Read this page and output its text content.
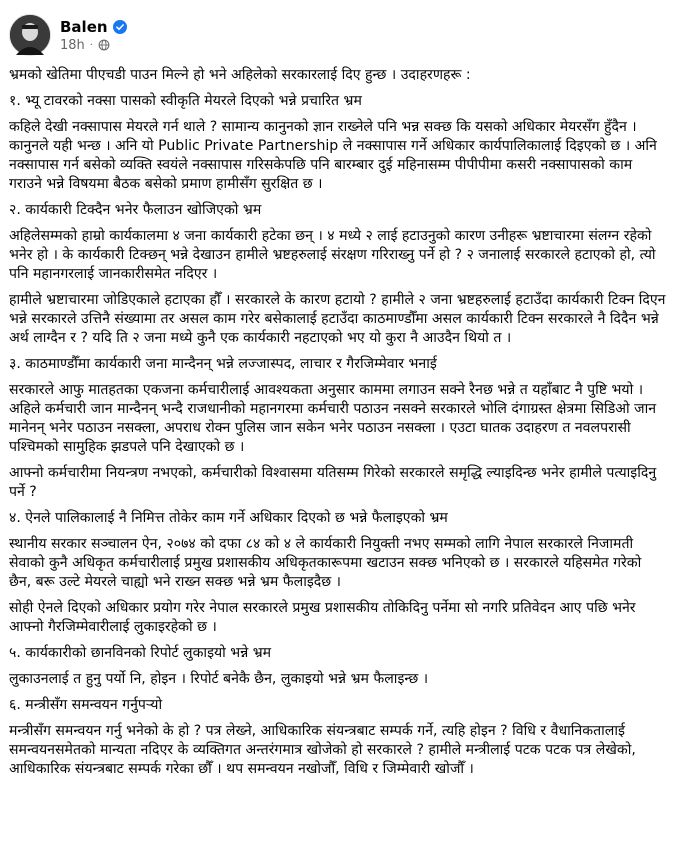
Balen
18h ·

भ्रमको खेतिमा पीएचडी पाउन मिल्ने हो भने अहिलेको सरकारलाई दिए हुन्छ । उदाहरणहरू :

१. भ्यू टावरको नक्सा पासको स्वीकृति मेयरले दिएको भन्ने प्रचारित भ्रम

कहिले देखी नक्सापास मेयरले गर्न थाले ? सामान्य कानुनको ज्ञान राख्नेले पनि भन्न सक्छ कि यसको अधिकार मेयरसँग हुँदैन । कानुनले यही भन्छ । अनि यो Public Private Partnership ले नक्सापास गर्ने अधिकार कार्यपालिकालाई दिइएको छ । अनि नक्सापास गर्न बसेको व्यक्ति स्वयंले नक्सापास गरिसकेपछि पनि बारम्बार दुई महिनासम्म पीपीपीमा कसरी नक्सापासको काम गराउने भन्ने विषयमा बैठक बसेको प्रमाण हामीसँग सुरक्षित छ ।

२. कार्यकारी टिक्दैन भनेर फैलाउन खोजिएको भ्रम

अहिलेसम्मको हाम्रो कार्यकालमा ४ जना कार्यकारी हटेका छन् । ४ मध्ये २ लाई हटाउनुको कारण उनीहरू भ्रष्टाचारमा संलग्न रहेको भनेर हो । के कार्यकारी टिक्छन् भन्ने देखाउन हामीले भ्रष्टहरुलाई संरक्षण गरिराख्नु पर्ने हो ? २ जनालाई सरकारले हटाएको हो, त्यो पनि महानगरलाई जानकारीसमेत नदिएर ।

हामीले भ्रष्टाचारमा जोडिएकाले हटाएका हौँ । सरकारले के कारण हटायो ? हामीले २ जना भ्रष्टहरुलाई हटाउँदा कार्यकारी टिक्न दिएन भन्ने सरकारले उत्तिनै संख्यामा तर असल काम गरेर बसेकालाई हटाउँदा काठमाण्डौँमा असल कार्यकारी टिक्न सरकारले नै दिदैन भन्ने अर्थ लाग्दैन र ? यदि ति २ जना मध्ये कुनै एक कार्यकारी नहटाएको भए यो कुरा नै आउदैन थियो त ।

३. काठमाण्डौँमा कार्यकारी जना मान्दैनन् भन्ने लज्जास्पद, लाचार र गैरजिम्मेवार भनाई

सरकारले आफु मातहतका एकजना कर्मचारीलाई आवश्यकता अनुसार काममा लगाउन सक्ने रैनछ भन्ने त यहाँबाट नै पुष्टि भयो । अहिले कर्मचारी जान मान्दैनन् भन्दै राजधानीको महानगरमा कर्मचारी पठाउन नसक्ने सरकारले भोलि दंगाग्रस्त क्षेत्रमा सिडिओ जान मानेनन् भनेर पठाउन नसक्ला, अपराध रोक्न पुलिस जान सकेन भनेर पठाउन नसक्ला । एउटा घातक उदाहरण त नवलपरासी पश्चिमको सामुहिक झडपले पनि देखाएको छ ।

आफ्नो कर्मचारीमा नियन्त्रण नभएको, कर्मचारीको विश्वासमा यतिसम्म गिरेको सरकारले समृद्धि ल्याइदिन्छ भनेर हामीले पत्याइदिनु पर्ने ?

४. ऐनले पालिकालाई नै निमित्त तोकेर काम गर्ने अधिकार दिएको छ भन्ने फैलाइएको भ्रम

स्थानीय सरकार सञ्चालन ऐन, २०७४ को दफा ८४ को ४ ले कार्यकारी नियुक्ती नभए सम्मको लागि नेपाल सरकारले निजामती सेवाको कुनै अधिकृत कर्मचारीलाई प्रमुख प्रशासकीय अधिकृतकारूपमा खटाउन सक्छ भनिएको छ । सरकारले यहिसमेत गरेको छैन, बरू उल्टे मेयरले चाह्यो भने राख्न सक्छ भन्ने भ्रम फैलाइदैछ ।

सोही ऐनले दिएको अधिकार प्रयोग गरेर नेपाल सरकारले प्रमुख प्रशासकीय तोकिदिनु पर्नेमा सो नगरि प्रतिवेदन आए पछि भनेर आफ्नो गैरजिम्मेवारीलाई लुकाइरहेको छ ।

५. कार्यकारीको छानविनको रिपोर्ट लुकाइयो भन्ने भ्रम

लुकाउनलाई त हुनु पर्यो नि, होइन । रिपोर्ट बनेकै छैन, लुकाइयो भन्ने भ्रम फैलाइन्छ ।

६. मन्त्रीसँग समन्वयन गर्नुपर्‍यो

मन्त्रीसँग समन्वयन गर्नु भनेको के हो ? पत्र लेख्ने, आधिकारिक संयन्त्रबाट सम्पर्क गर्ने, त्यहि होइन ? विधि र वैधानिकतालाई समन्वयनसमेतको मान्यता नदिएर के व्यक्तिगत अन्तरंगमात्र खोजेको हो सरकारले ? हामीले मन्त्रीलाई पटक पटक पत्र लेखेको, आधिकारिक संयन्त्रबाट सम्पर्क गरेका छौँ । थप समन्वयन नखोजौँ, विधि र जिम्मेवारी खोजौँ ।
